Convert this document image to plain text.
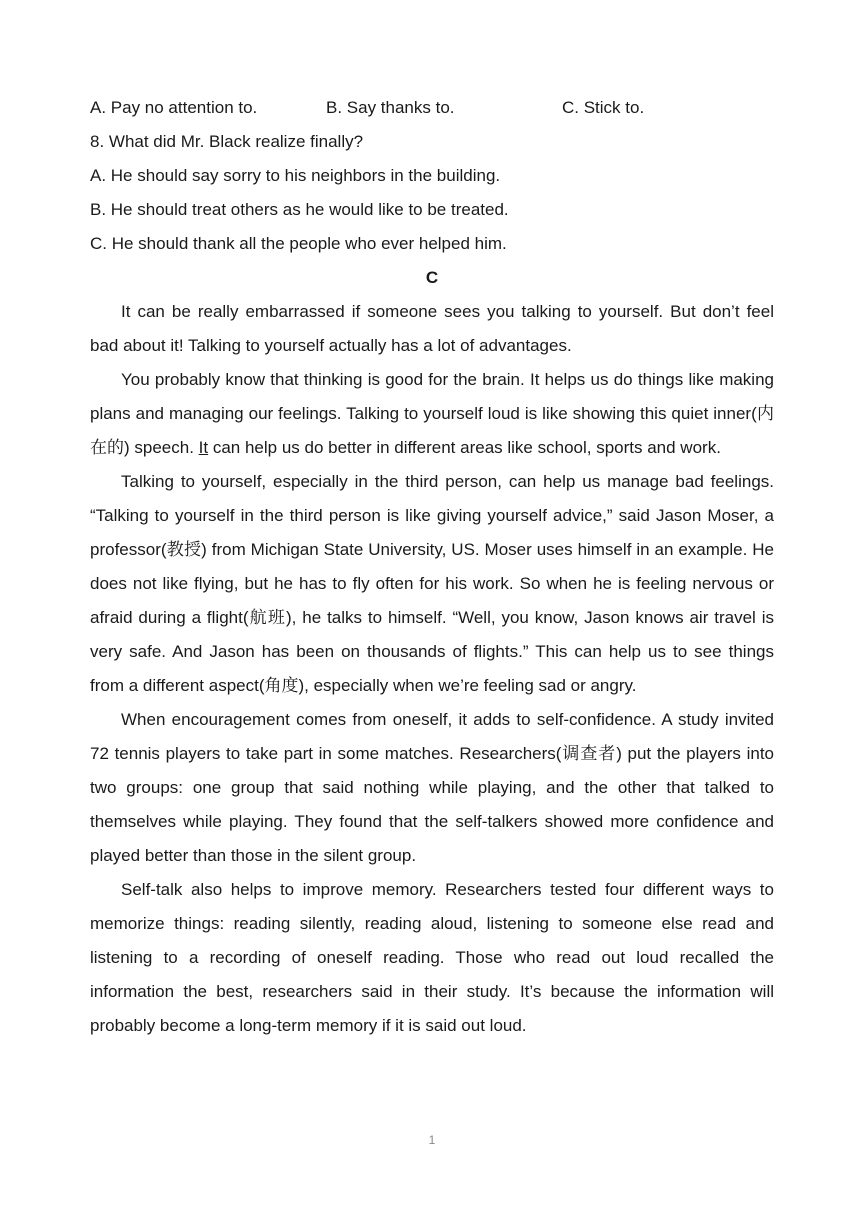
A. Pay no attention to.	B. Say thanks to.	C. Stick to.
8. What did Mr. Black realize finally?
A. He should say sorry to his neighbors in the building.
B. He should treat others as he would like to be treated.
C. He should thank all the people who ever helped him.
C

It can be really embarrassed if someone sees you talking to yourself. But don’t feel bad about it! Talking to yourself actually has a lot of advantages.

You probably know that thinking is good for the brain. It helps us do things like making plans and managing our feelings. Talking to yourself loud is like showing this quiet inner(内在的) speech. It can help us do better in different areas like school, sports and work.

Talking to yourself, especially in the third person, can help us manage bad feelings. “Talking to yourself in the third person is like giving yourself advice,” said Jason Moser, a professor(教授) from Michigan State University, US. Moser uses himself in an example. He does not like flying, but he has to fly often for his work. So when he is feeling nervous or afraid during a flight(航班), he talks to himself. “Well, you know, Jason knows air travel is very safe. And Jason has been on thousands of flights.” This can help us to see things from a different aspect(角度), especially when we’re feeling sad or angry.

When encouragement comes from oneself, it adds to self-confidence. A study invited 72 tennis players to take part in some matches. Researchers(调查者) put the players into two groups: one group that said nothing while playing, and the other that talked to themselves while playing. They found that the self-talkers showed more confidence and played better than those in the silent group.

Self-talk also helps to improve memory. Researchers tested four different ways to memorize things: reading silently, reading aloud, listening to someone else read and listening to a recording of oneself reading. Those who read out loud recalled the information the best, researchers said in their study. It’s because the information will probably become a long-term memory if it is said out loud.

1
